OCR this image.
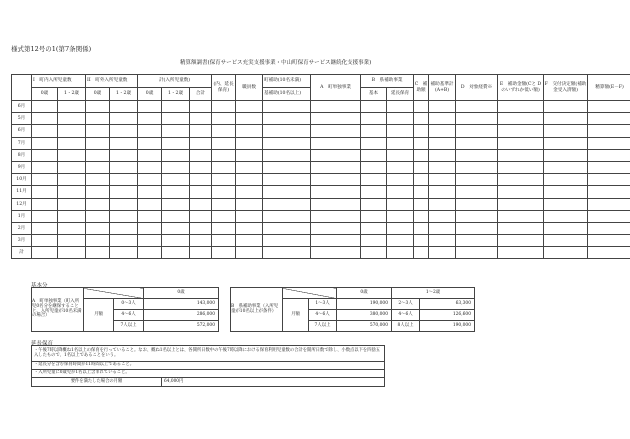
様式第12号の1(第7条関係)
精算額調書(保育サービス充実支援事業・中山町保育サービス継続化支援事業)
	I　町内入所児童数		II　町外入所児童数		計(入所児童数)			(内、延長保育)	職員数	町補助(10名未満)	A　町単独事業	B　県補助事業		C　補助額	補助基準計(A+B)	D　対象経費※	E　補助金額(Cと D のいずれか低い額)	F　交付決定額(補助金受入済額)	精算額(E－F)
	0歳	1・2歳	0歳	1・2歳	0歳	1・2歳	合計			基補助(10名以上)		基本	延長保育						
6月																			
5月																			
6月																			
7月																			
8月																			
9月																			
10月																			
11月																			
12月																			
1月																			
2月																			
3月																			
計																			
基本分
A　町単独事業（町入所児0名分を継保することと、入所児童が10名未満の場合）			0歳
	月額	0〜3人	143,000
		4〜6人	286,000
		7人以上	572,000
B　県補助事業（入所児童が10名以上が条件）			0歳	1〜2歳		
	月額	1〜3人	190,000	2〜3人	63,300	
		4〜6人	380,000	4〜6人	126,600	
		7人以上	570,000	8人以上	190,000	
延長保育
・午後7時以降概ね1名以上の保育を行っていること。なお、概ね1名以上とは、各開所日数中の午後7時以降における保育利用児童数の合計を開所日数で除し、小数点以下を四捨五入したもので、1名以上であることをいう。
・延長分を含む保育時間が11時間以上であること。
・入所児童に0歳児が1名以上含まれていること。
要件を満たした場合の月額	64,000円
